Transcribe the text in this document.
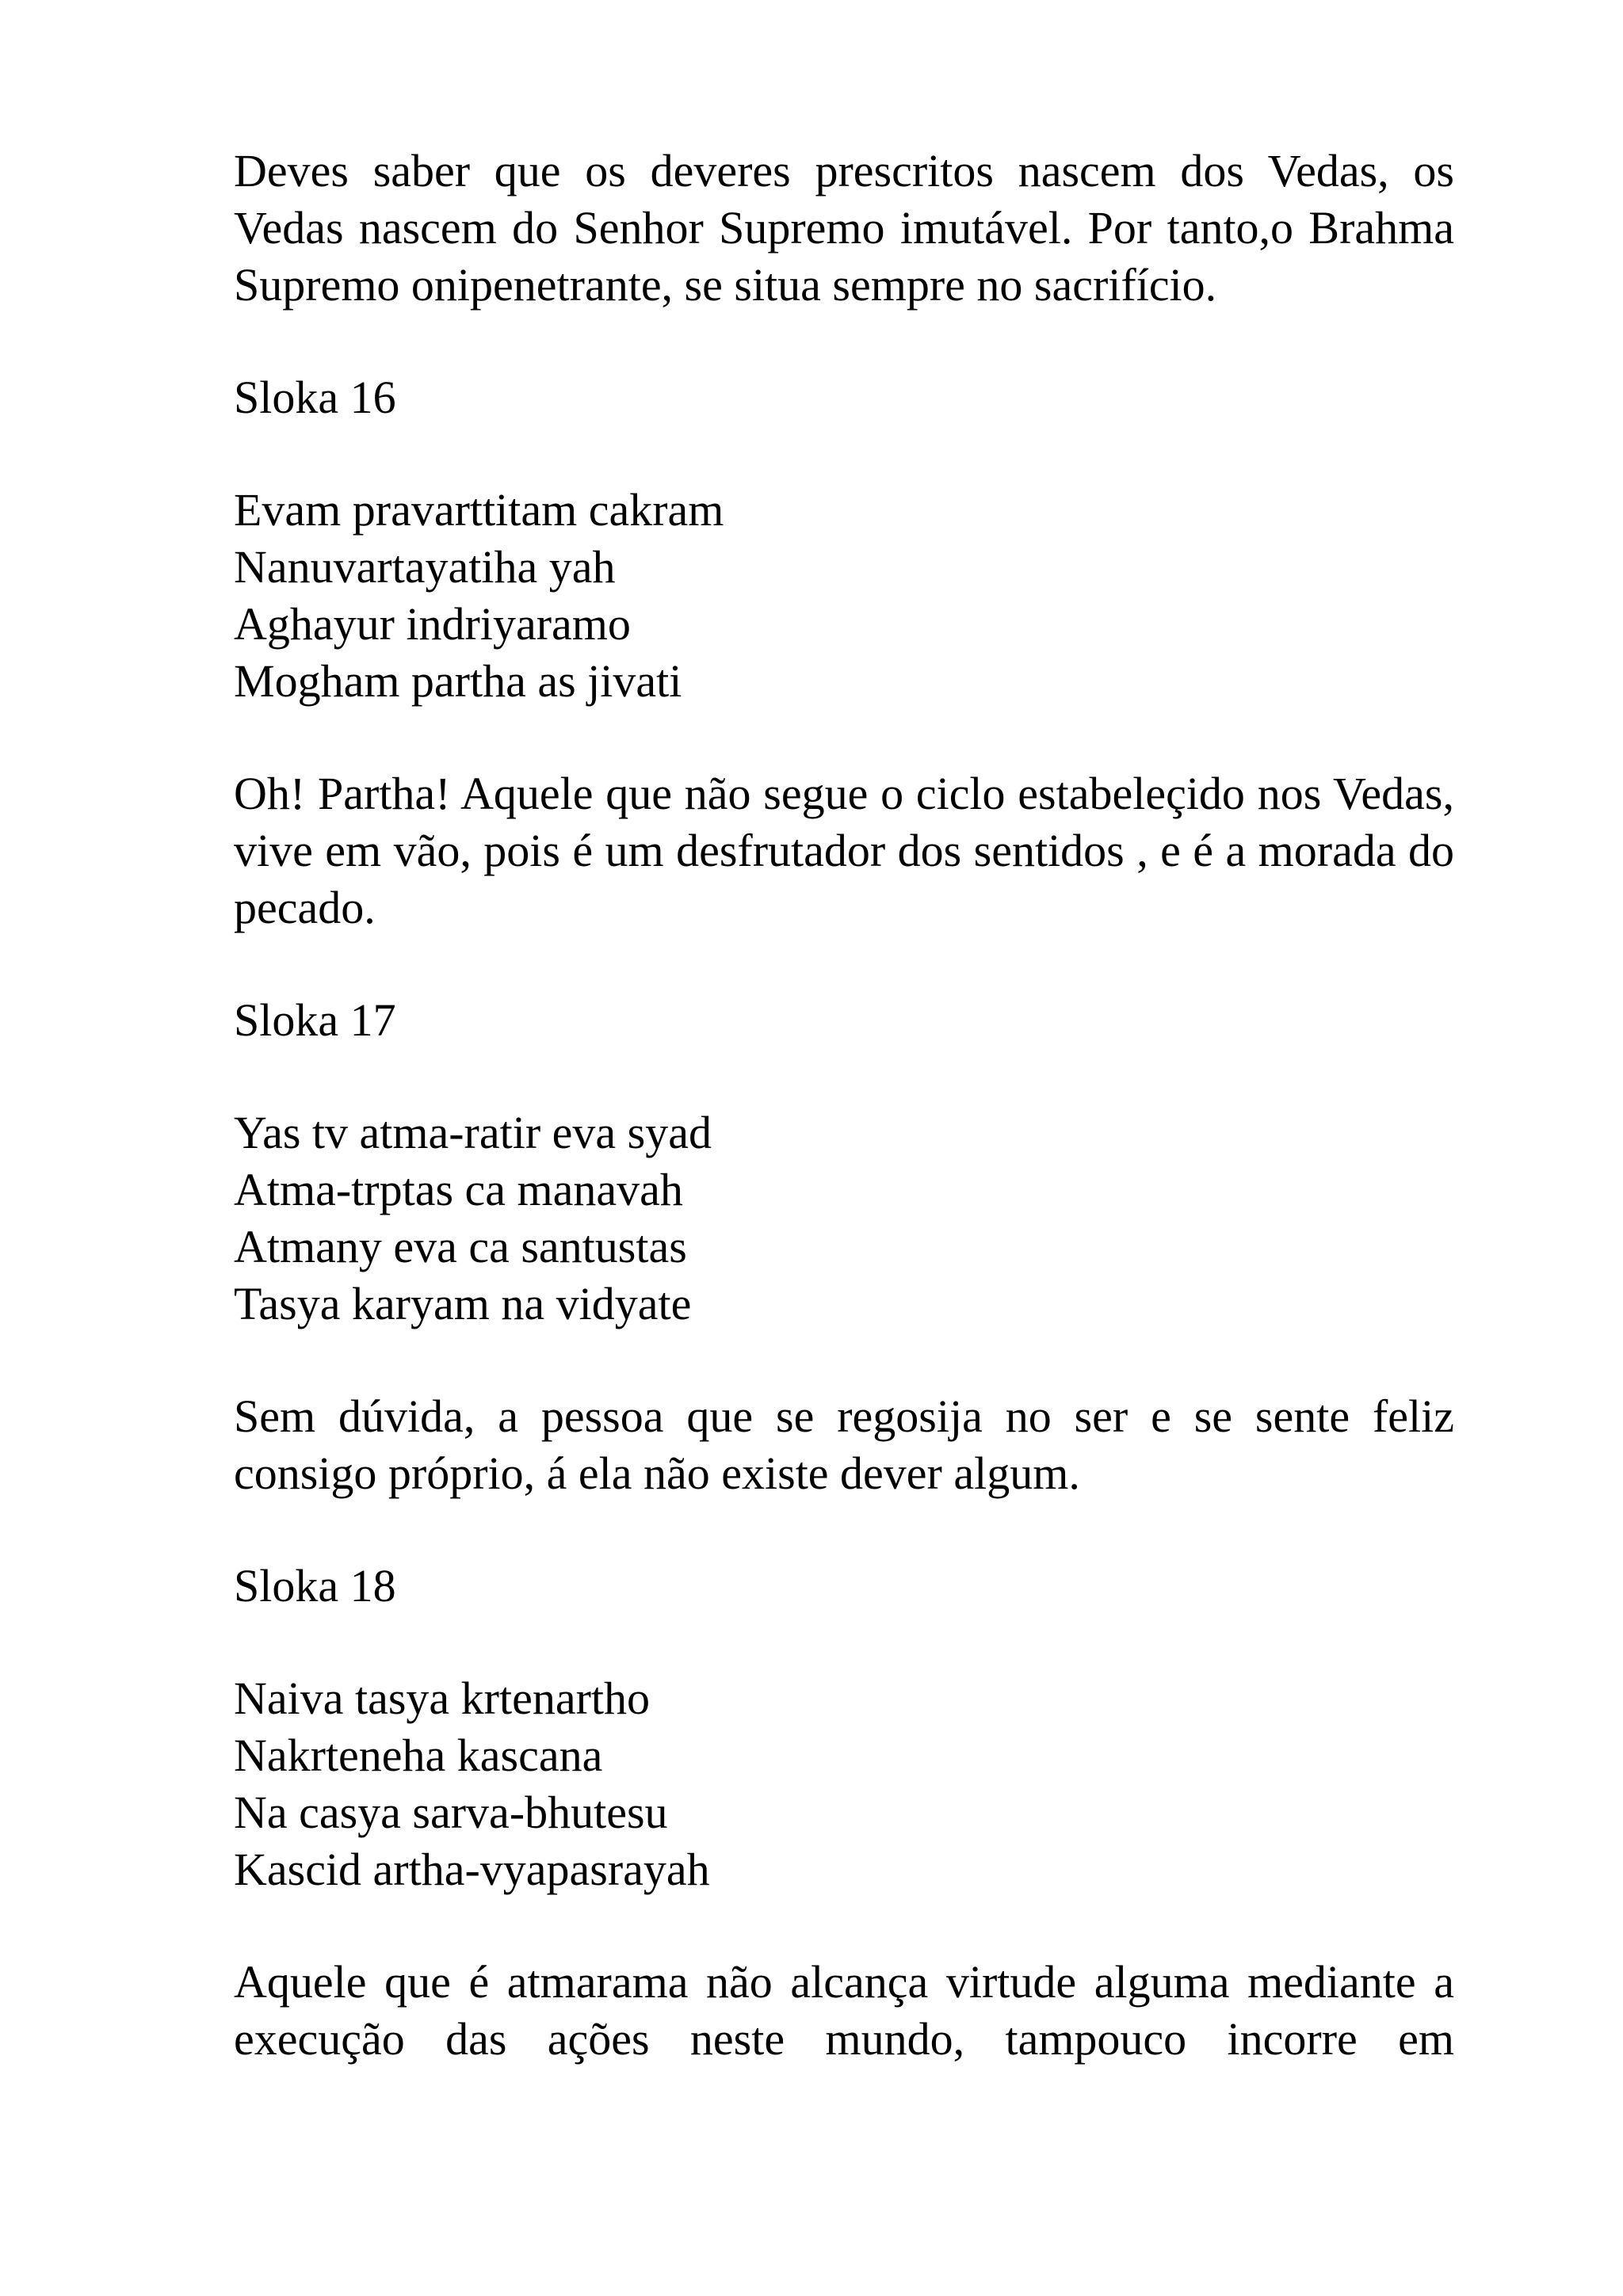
Deves saber que os deveres prescritos nascem dos Vedas, os Vedas nascem do Senhor Supremo imutável. Por tanto,o Brahma Supremo onipenetrante, se situa sempre no sacrifício.

Sloka 16
Evam pravarttitam cakram
Nanuvartayatiha yah
Aghayur indriyaramo
Mogham partha as jivati

Oh! Partha! Aquele que não segue o ciclo estabeleçido nos Vedas, vive em vão, pois é um desfrutador dos sentidos , e é a morada do pecado.

Sloka 17
Yas tv atma-ratir eva syad
Atma-trptas ca manavah
Atmany eva ca santustas
Tasya karyam na vidyate

Sem dúvida, a pessoa que se regosija no ser e se sente feliz consigo próprio, á ela não existe dever algum.

Sloka 18
Naiva tasya krtenartho
Nakrteneha kascana
Na casya sarva-bhutesu
Kascid artha-vyapasrayah

Aquele que é atmarama não alcança virtude alguma mediante a execução das ações neste mundo, tampouco incorre em
